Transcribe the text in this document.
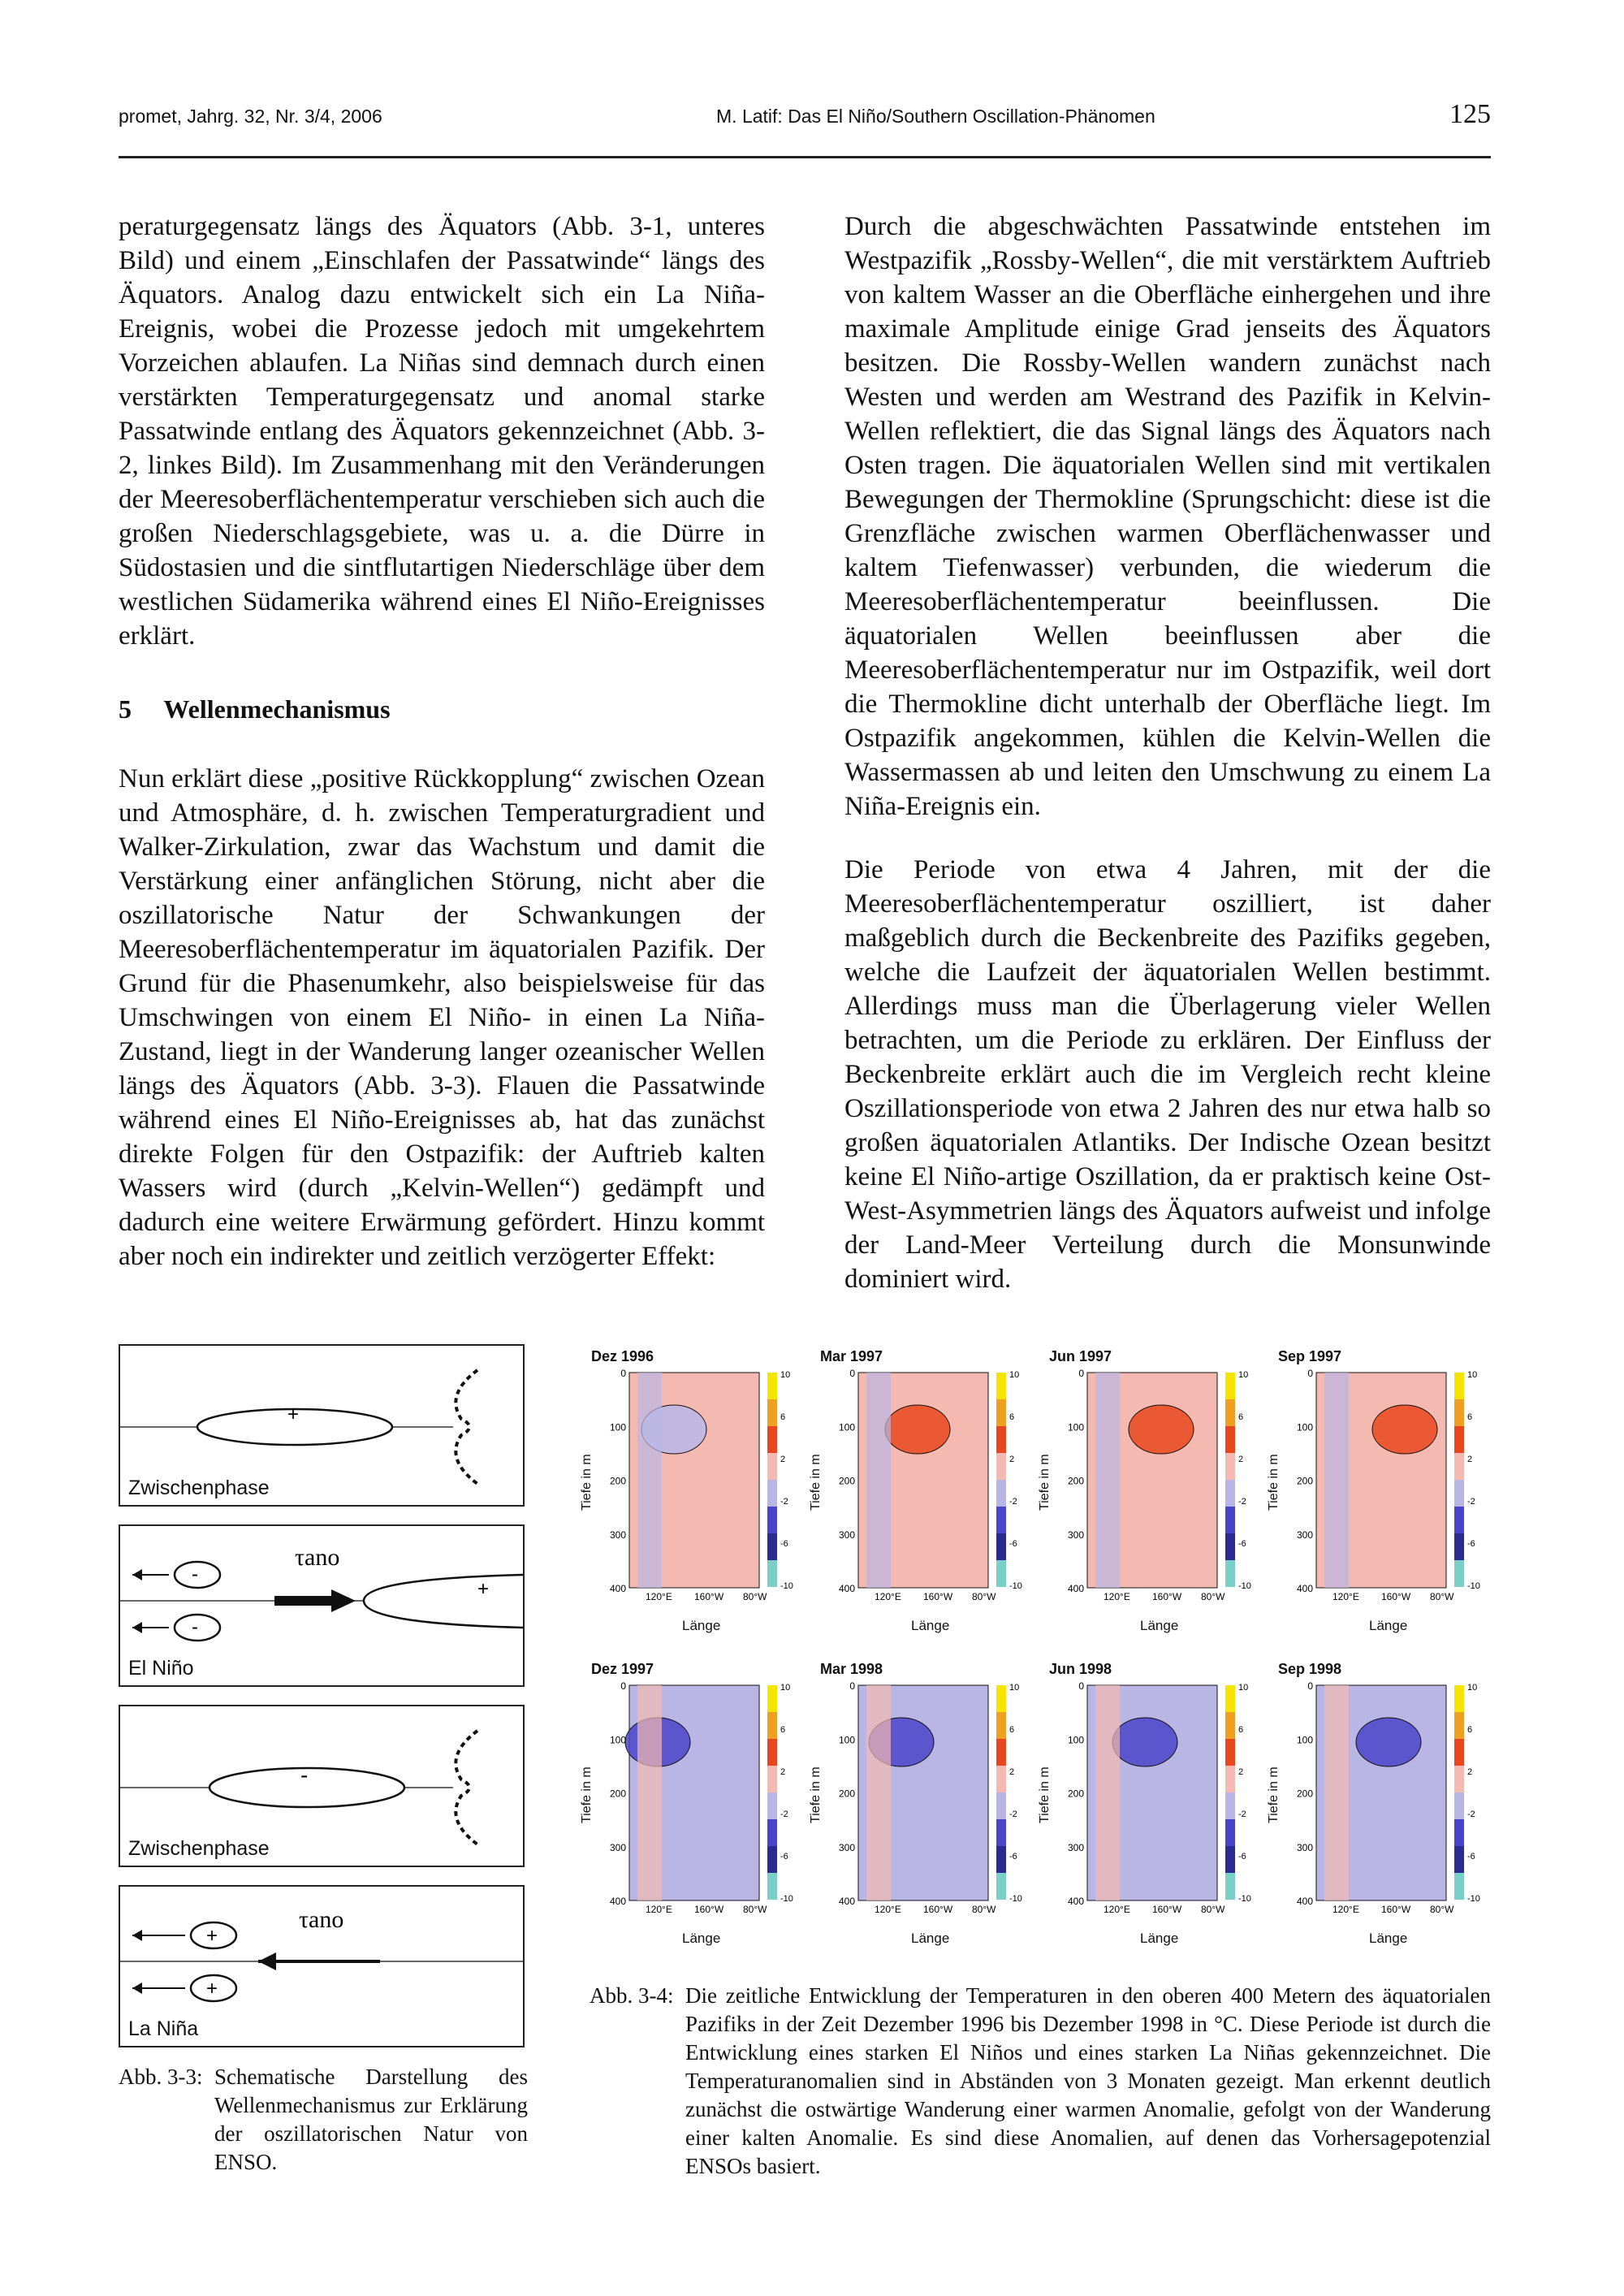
promet, Jahrg. 32, Nr. 3/4, 2006	M. Latif: Das El Niño/Southern Oscillation-Phänomen	125

peraturgegensatz längs des Äquators (Abb. 3-1, unteres Bild) und einem „Einschlafen der Passatwinde“ längs des Äquators. Analog dazu entwickelt sich ein La Niña-Ereignis, wobei die Prozesse jedoch mit umgekehrtem Vorzeichen ablaufen. La Niñas sind demnach durch einen verstärkten Temperaturgegensatz und anomal starke Passatwinde entlang des Äquators gekennzeichnet (Abb. 3-2, linkes Bild). Im Zusammenhang mit den Veränderungen der Meeresoberflächentemperatur verschieben sich auch die großen Niederschlagsgebiete, was u. a. die Dürre in Südostasien und die sintflutartigen Niederschläge über dem westlichen Südamerika während eines El Niño-Ereignisses erklärt.

5     Wellenmechanismus

Nun erklärt diese „positive Rückkopplung“ zwischen Ozean und Atmosphäre, d. h. zwischen Temperaturgradient und Walker-Zirkulation, zwar das Wachstum und damit die Verstärkung einer anfänglichen Störung, nicht aber die oszillatorische Natur der Schwankungen der Meeresoberflächentemperatur im äquatorialen Pazifik. Der Grund für die Phasenumkehr, also beispielsweise für das Umschwingen von einem El Niño- in einen La Niña-Zustand, liegt in der Wanderung langer ozeanischer Wellen längs des Äquators (Abb. 3-3). Flauen die Passatwinde während eines El Niño-Ereignisses ab, hat das zunächst direkte Folgen für den Ostpazifik: der Auftrieb kalten Wassers wird (durch „Kelvin-Wellen“) gedämpft und dadurch eine weitere Erwärmung gefördert. Hinzu kommt aber noch ein indirekter und zeitlich verzögerter Effekt:

Durch die abgeschwächten Passatwinde entstehen im Westpazifik „Rossby-Wellen“, die mit verstärktem Auftrieb von kaltem Wasser an die Oberfläche einhergehen und ihre maximale Amplitude einige Grad jenseits des Äquators besitzen. Die Rossby-Wellen wandern zunächst nach Westen und werden am Westrand des Pazifik in Kelvin-Wellen reflektiert, die das Signal längs des Äquators nach Osten tragen. Die äquatorialen Wellen sind mit vertikalen Bewegungen der Thermokline (Sprungschicht: diese ist die Grenzfläche zwischen warmen Oberflächenwasser und kaltem Tiefenwasser) verbunden, die wiederum die Meeresoberflächentemperatur beeinflussen. Die äquatorialen Wellen beeinflussen aber die Meeresoberflächentemperatur nur im Ostpazifik, weil dort die Thermokline dicht unterhalb der Oberfläche liegt. Im Ostpazifik angekommen, kühlen die Kelvin-Wellen die Wassermassen ab und leiten den Umschwung zu einem La Niña-Ereignis ein.

Die Periode von etwa 4 Jahren, mit der die Meeresoberflächentemperatur oszilliert, ist daher maßgeblich durch die Beckenbreite des Pazifiks gegeben, welche die Laufzeit der äquatorialen Wellen bestimmt. Allerdings muss man die Überlagerung vieler Wellen betrachten, um die Periode zu erklären. Der Einfluss der Beckenbreite erklärt auch die im Vergleich recht kleine Oszillationsperiode von etwa 2 Jahren des nur etwa halb so großen äquatorialen Atlantiks. Der Indische Ozean besitzt keine El Niño-artige Oszillation, da er praktisch keine Ost-West-Asymmetrien längs des Äquators aufweist und infolge der Land-Meer Verteilung durch die Monsunwinde dominiert wird.

+
Zwischenphase
-
-
τano
+
El Niño
-
Zwischenphase
+
+
τano
La Niña
Abb. 3-3: Schematische Darstellung des Wellenmechanismus zur Erklärung der oszillatorischen Natur von ENSO.
Dez 1996
0
100
200
300
400
120°E 160°W 80°W
10
6
2
-2
-6
-10
Tiefe in m
Länge
Mar 1997
0
100
200
300
400
120°E 160°W 80°W
10
6
2
-2
-6
-10
Tiefe in m
Länge
Jun 1997
0
100
200
300
400
120°E 160°W 80°W
10
6
2
-2
-6
-10
Tiefe in m
Länge
Sep 1997
0
100
200
300
400
120°E 160°W 80°W
10
6
2
-2
-6
-10
Tiefe in m
Länge
Dez 1997
0
100
200
300
400
120°E 160°W 80°W
10
6
2
-2
-6
-10
Tiefe in m
Länge
Mar 1998
0
100
200
300
400
120°E 160°W 80°W
10
6
2
-2
-6
-10
Tiefe in m
Länge
Jun 1998
0
100
200
300
400
120°E 160°W 80°W
10
6
2
-2
-6
-10
Tiefe in m
Länge
Sep 1998
0
100
200
300
400
120°E 160°W 80°W
10
6
2
-2
-6
-10
Tiefe in m
Länge
Abb. 3-4: Die zeitliche Entwicklung der Temperaturen in den oberen 400 Metern des äquatorialen Pazifiks in der Zeit Dezember 1996 bis Dezember 1998 in °C. Diese Periode ist durch die Entwicklung eines starken El Niños und eines starken La Niñas gekennzeichnet. Die Temperaturanomalien sind in Abständen von 3 Monaten gezeigt. Man erkennt deutlich zunächst die ostwärtige Wanderung einer warmen Anomalie, gefolgt von der Wanderung einer kalten Anomalie. Es sind diese Anomalien, auf denen das Vorhersagepotenzial ENSOs basiert.
